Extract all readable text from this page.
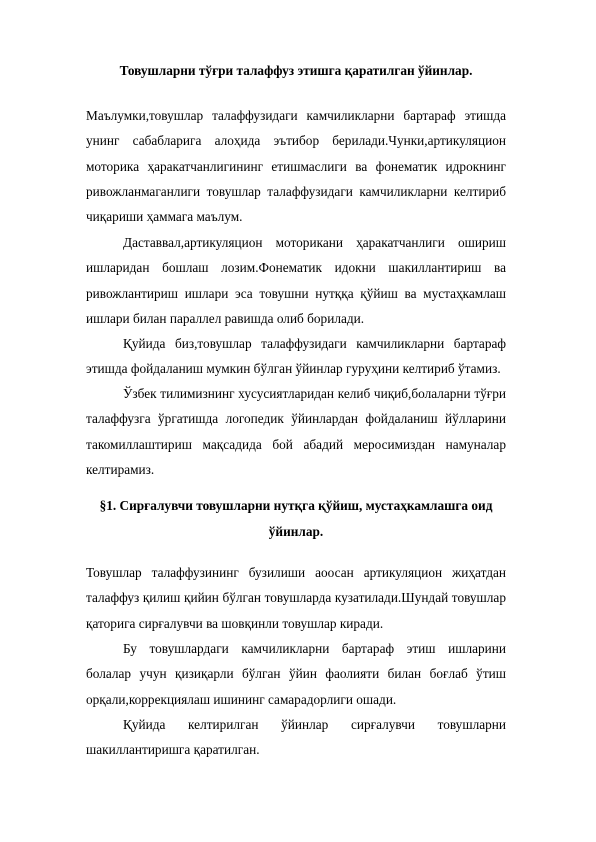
Товушларни тўғри талаффуз этишга қаратилган ўйинлар.

Маълумки,товушлар талаффузидаги камчиликларни бартараф этишда унинг сабабларига алоҳида эътибор берилади.Чунки,артикуляцион моторика ҳаракатчанлигининг етишмаслиги ва фонематик идрокнинг ривожланмаганлиги товушлар талаффузидаги камчиликларни келтириб чиқариши ҳаммага маълум.

Даставвал,артикуляцион моторикани ҳаракатчанлиги ошириш ишларидан бошлаш лозим.Фонематик идокни шакиллантириш ва ривожлантириш ишлари эса товушни нутққа қўйиш ва мустаҳкамлаш ишлари билан параллел равишда олиб борилади.

Қуйида биз,товушлар талаффузидаги камчиликларни бартараф этишда фойдаланиш мумкин бўлган ўйинлар гуруҳини келтириб ўтамиз.

Ўзбек тилимизнинг хусусиятларидан келиб чиқиб,болаларни тўғри талаффузга ўргатишда логопедик ўйинлардан фойдаланиш йўлларини такомиллаштириш мақсадида бой абадий меросимиздан намуналар келтирамиз.

§1. Сирғалувчи товушларни нутқга қўйиш, мустаҳкамлашга оид ўйинлар.

Товушлар талаффузининг бузилиши аоосан артикуляцион жиҳатдан талаффуз қилиш қийин бўлган товушларда кузатилади.Шундай товушлар қаторига сирғалувчи ва шовқинли товушлар киради.

Бу товушлардаги камчиликларни бартараф этиш ишларини болалар учун қизиқарли бўлган ўйин фаолияти билан боғлаб ўтиш орқали,коррекциялаш ишининг самарадорлиги ошади.

Қуйида келтирилган ўйинлар сирғалувчи товушларни шакиллантиришга қаратилган.
